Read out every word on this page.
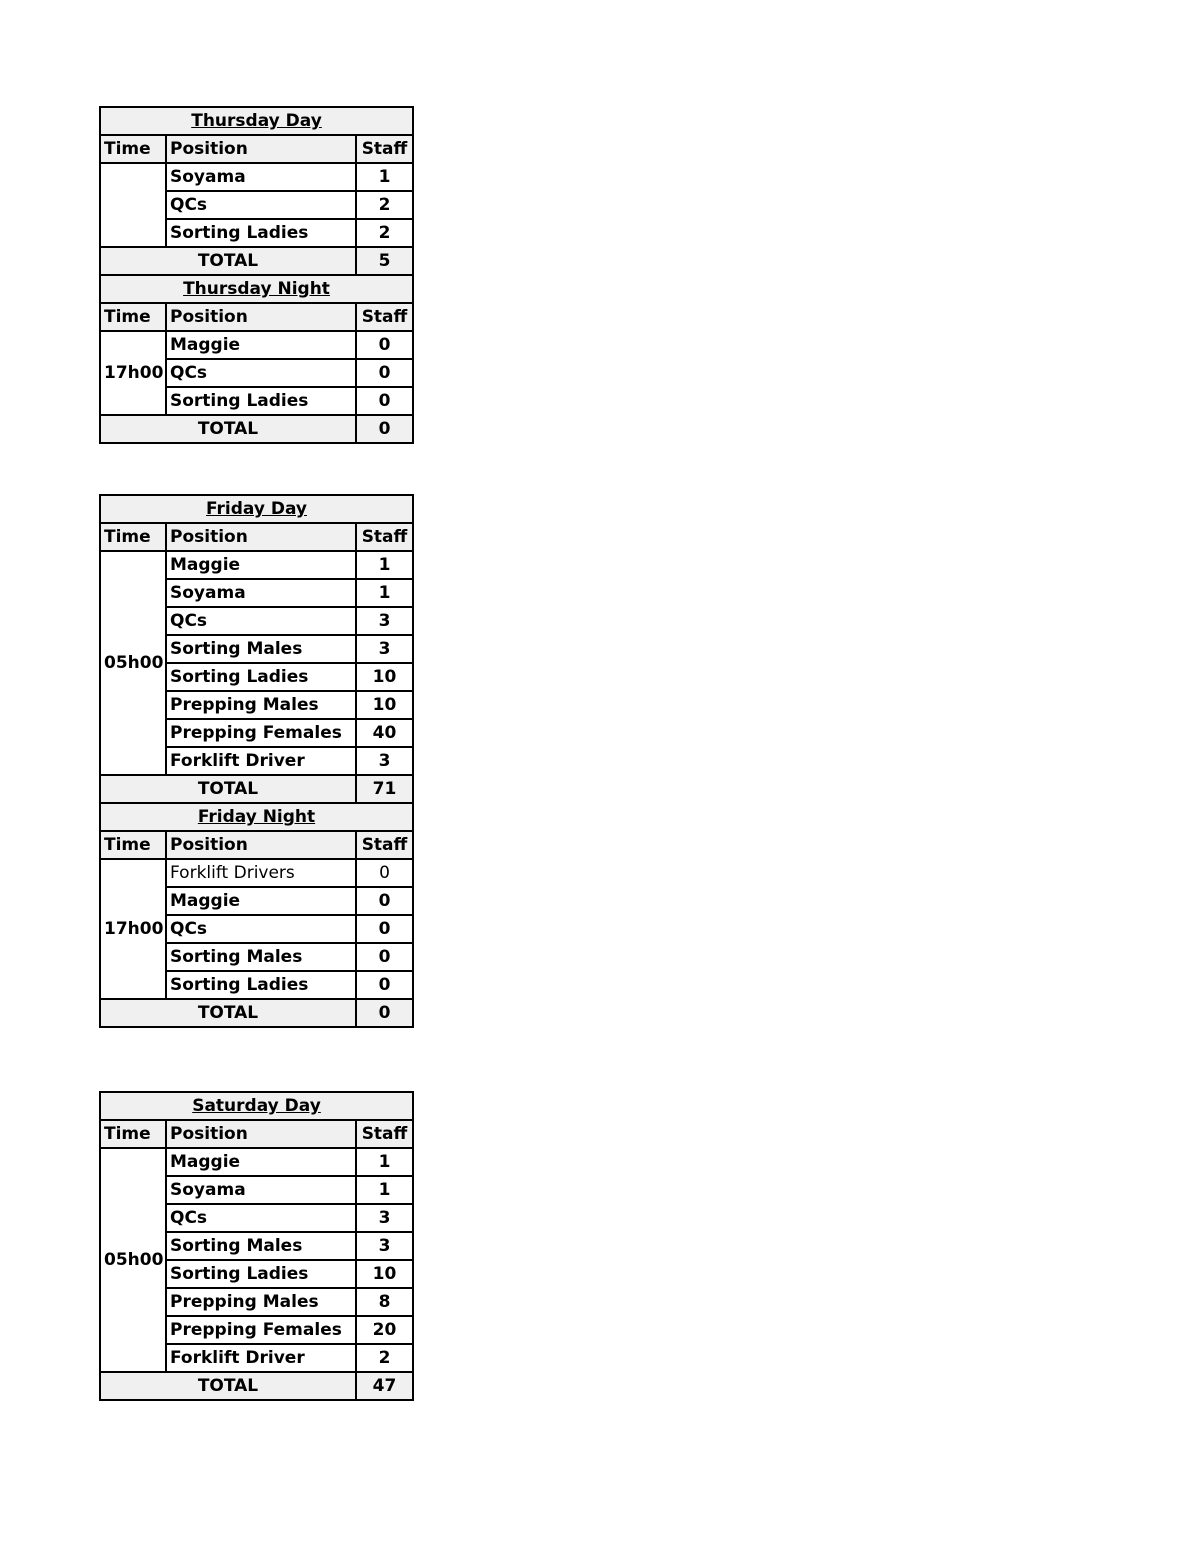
Thursday Day		
Time	Position	Staff
	Soyama	1
	QCs	2
	Sorting Ladies	2
TOTAL		5
Thursday Night		
Time	Position	Staff
17h00	Maggie	0
	QCs	0
	Sorting Ladies	0
TOTAL		0
Friday Day		
Time	Position	Staff
05h00	Maggie	1
	Soyama	1
	QCs	3
	Sorting Males	3
	Sorting Ladies	10
	Prepping Males	10
	Prepping Females	40
	Forklift Driver	3
TOTAL		71
Friday Night		
Time	Position	Staff
17h00	Forklift Drivers	0
	Maggie	0
	QCs	0
	Sorting Males	0
	Sorting Ladies	0
TOTAL		0
Saturday Day		
Time	Position	Staff
05h00	Maggie	1
	Soyama	1
	QCs	3
	Sorting Males	3
	Sorting Ladies	10
	Prepping Males	8
	Prepping Females	20
	Forklift Driver	2
TOTAL		47
